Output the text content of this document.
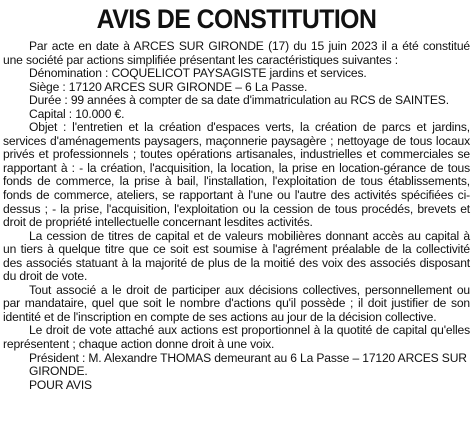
AVIS DE CONSTITUTION

Par acte en date à ARCES SUR GIRONDE (17) du 15 juin 2023 il a été constitué une société par actions simplifiée présentant les caractéristiques suivantes :

Dénomination : COQUELICOT PAYSAGISTE jardins et services.

Siège : 17120 ARCES SUR GIRONDE – 6 La Passe.

Durée : 99 années à compter de sa date d'immatriculation au RCS de SAINTES.

Capital : 10.000 €.

Objet : l'entretien et la création d'espaces verts, la création de parcs et jardins, services d'aménagements paysagers, maçonnerie paysagère ; nettoyage de tous locaux privés et professionnels ; toutes opérations artisanales, industrielles et commerciales se rapportant à : - la création, l'acquisition, la location, la prise en location-gérance de tous fonds de commerce, la prise à bail, l'installation, l'exploitation de tous établissements, fonds de commerce, ateliers, se rapportant à l'une ou l'autre des activités spécifiées ci-dessus ; - la prise, l'acquisition, l'exploitation ou la cession de tous procédés, brevets et droit de propriété intellectuelle concernant lesdites activités.

La cession de titres de capital et de valeurs mobilières donnant accès au capital à un tiers à quelque titre que ce soit est soumise à l'agrément préalable de la collectivité des associés statuant à la majorité de plus de la moitié des voix des associés disposant du droit de vote.

Tout associé a le droit de participer aux décisions collectives, personnellement ou par mandataire, quel que soit le nombre d'actions qu'il possède ; il doit justifier de son identité et de l'inscription en compte de ses actions au jour de la décision collective.

Le droit de vote attaché aux actions est proportionnel à la quotité de capital qu'elles représentent ; chaque action donne droit à une voix.

Président : M. Alexandre THOMAS demeurant au 6 La Passe – 17120 ARCES SUR GIRONDE.

POUR AVIS
